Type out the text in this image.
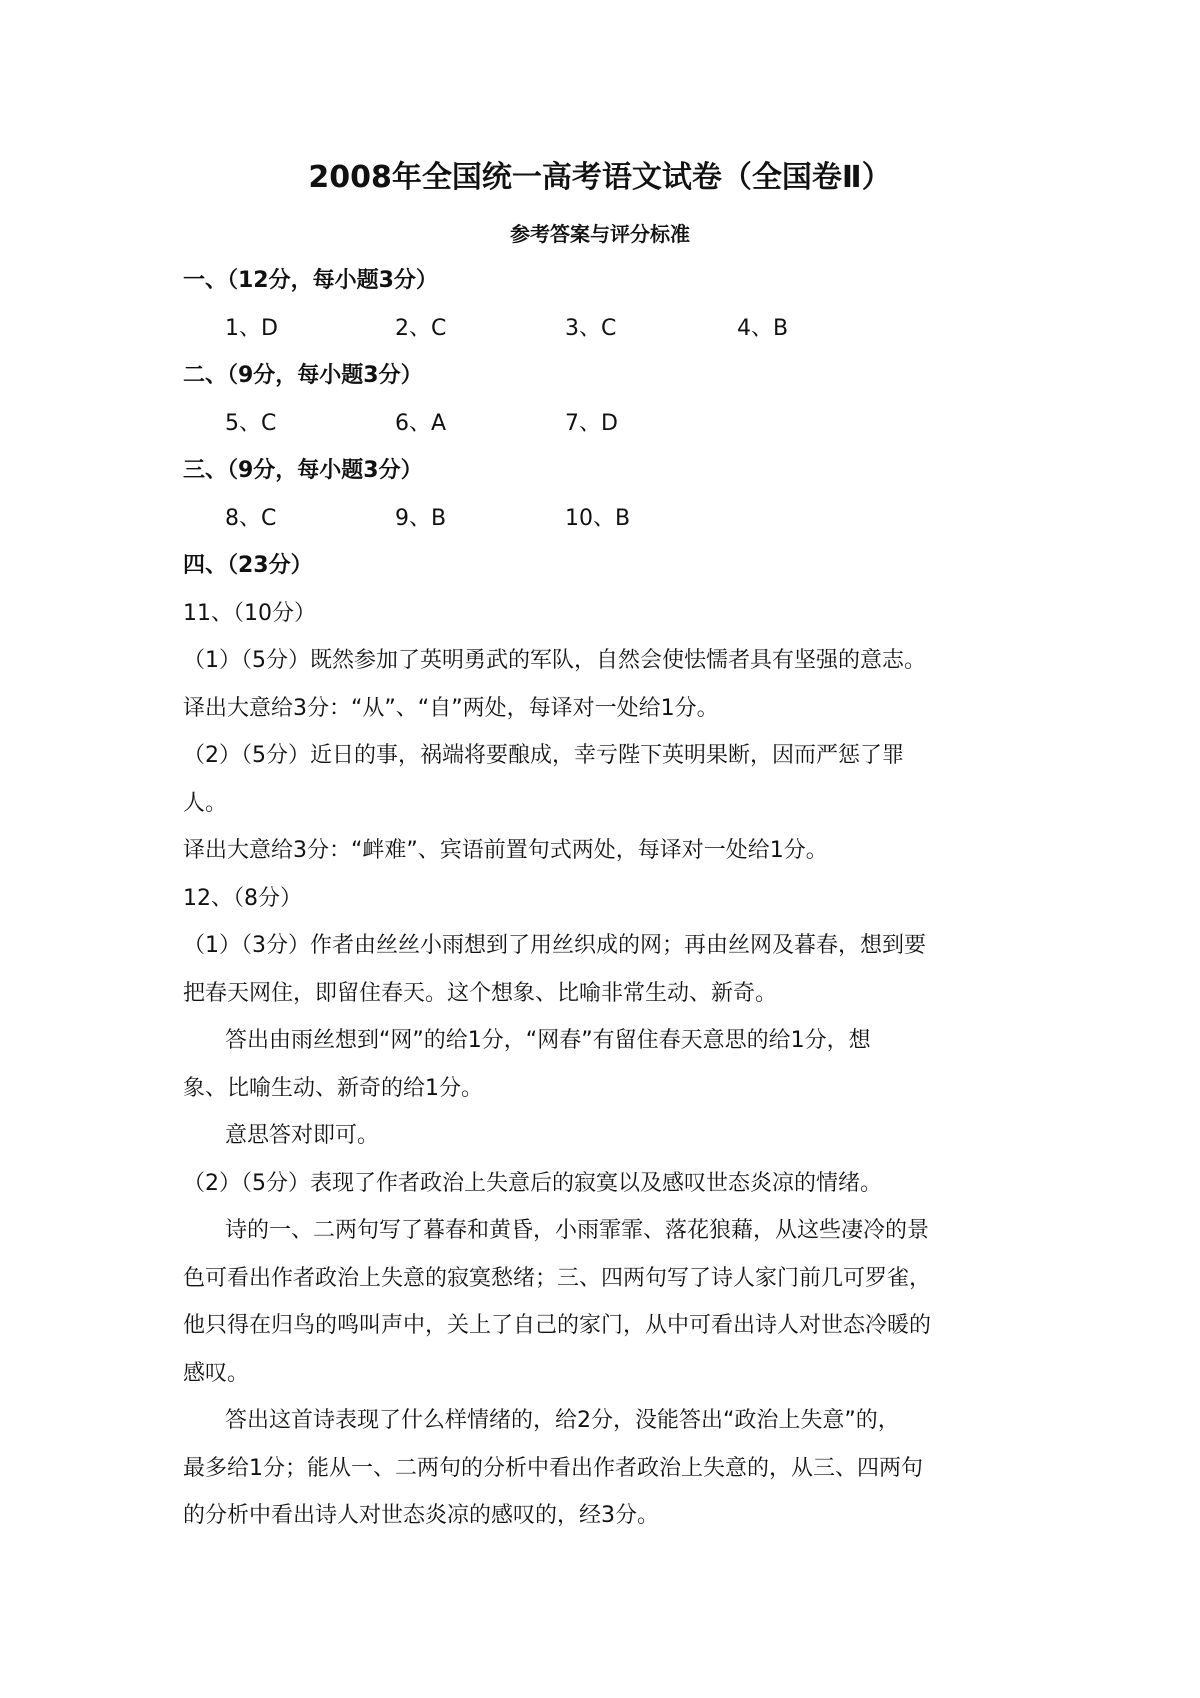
2008年全国统一高考语文试卷（全国卷Ⅱ）
参考答案与评分标准
一、（12分，每小题3分）
1、D	2、C	3、C	4、B
二、（9分，每小题3分）
5、C	6、A	7、D
三、（9分，每小题3分）
8、C	9、B	10、B
四、（23分）
11、（10分）
（1）（5分）既然参加了英明勇武的军队，自然会使怯懦者具有坚强的意志。
译出大意给3分：“从”、“自”两处，每译对一处给1分。
（2）（5分）近日的事，祸端将要酿成，幸亏陛下英明果断，因而严惩了罪
人。
译出大意给3分：“衅难”、宾语前置句式两处，每译对一处给1分。
12、（8分）
（1）（3分）作者由丝丝小雨想到了用丝织成的网；再由丝网及暮春，想到要
把春天网住，即留住春天。这个想象、比喻非常生动、新奇。
答出由雨丝想到“网”的给1分，“网春”有留住春天意思的给1分，想
象、比喻生动、新奇的给1分。
意思答对即可。
（2）（5分）表现了作者政治上失意后的寂寞以及感叹世态炎凉的情绪。
诗的一、二两句写了暮春和黄昏，小雨霏霏、落花狼藉，从这些凄冷的景
色可看出作者政治上失意的寂寞愁绪；三、四两句写了诗人家门前几可罗雀，
他只得在归鸟的鸣叫声中，关上了自己的家门，从中可看出诗人对世态冷暖的
感叹。
答出这首诗表现了什么样情绪的，给2分，没能答出“政治上失意”的，
最多给1分；能从一、二两句的分析中看出作者政治上失意的，从三、四两句
的分析中看出诗人对世态炎凉的感叹的，经3分。
